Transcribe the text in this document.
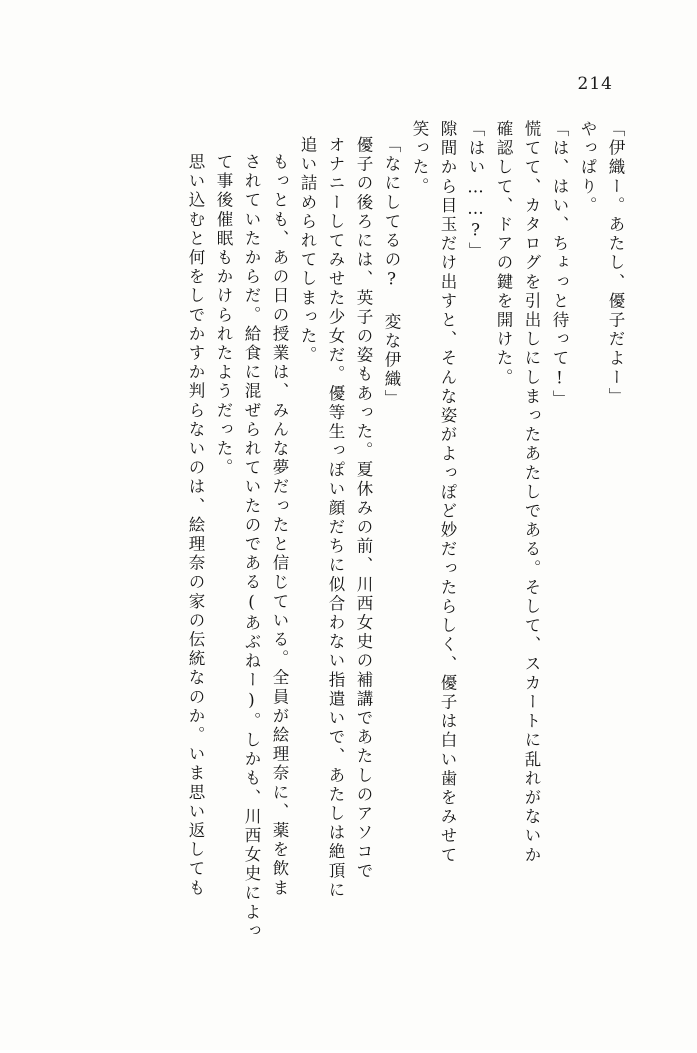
214
「伊織ー。あたし、優子だよー」
やっぱり。
「は、はい、ちょっと待って!」
慌てて、カタログを引出しにしまったあたしである。そして、スカートに乱れがないか
確認して、ドアの鍵を開けた。
「はい……?」
隙間から目玉だけ出すと、そんな姿がよっぽど妙だったらしく、優子は白い歯をみせて
笑った。
「なにしてるの? 変な伊織」
優子の後ろには、英子の姿もあった。夏休みの前、川西女史の補講であたしのアソコで
オナニーしてみせた少女だ。優等生っぽい顔だちに似合わない指遣いで、あたしは絶頂に
追い詰められてしまった。
もっとも、あの日の授業は、みんな夢だったと信じている。全員が絵理奈に、薬を飲ま
されていたからだ。給食に混ぜられていたのである(あぶねー)。しかも、川西女史によっ
て事後催眠もかけられたようだった。
思い込むと何をしでかすか判らないのは、絵理奈の家の伝統なのか。いま思い返しても
